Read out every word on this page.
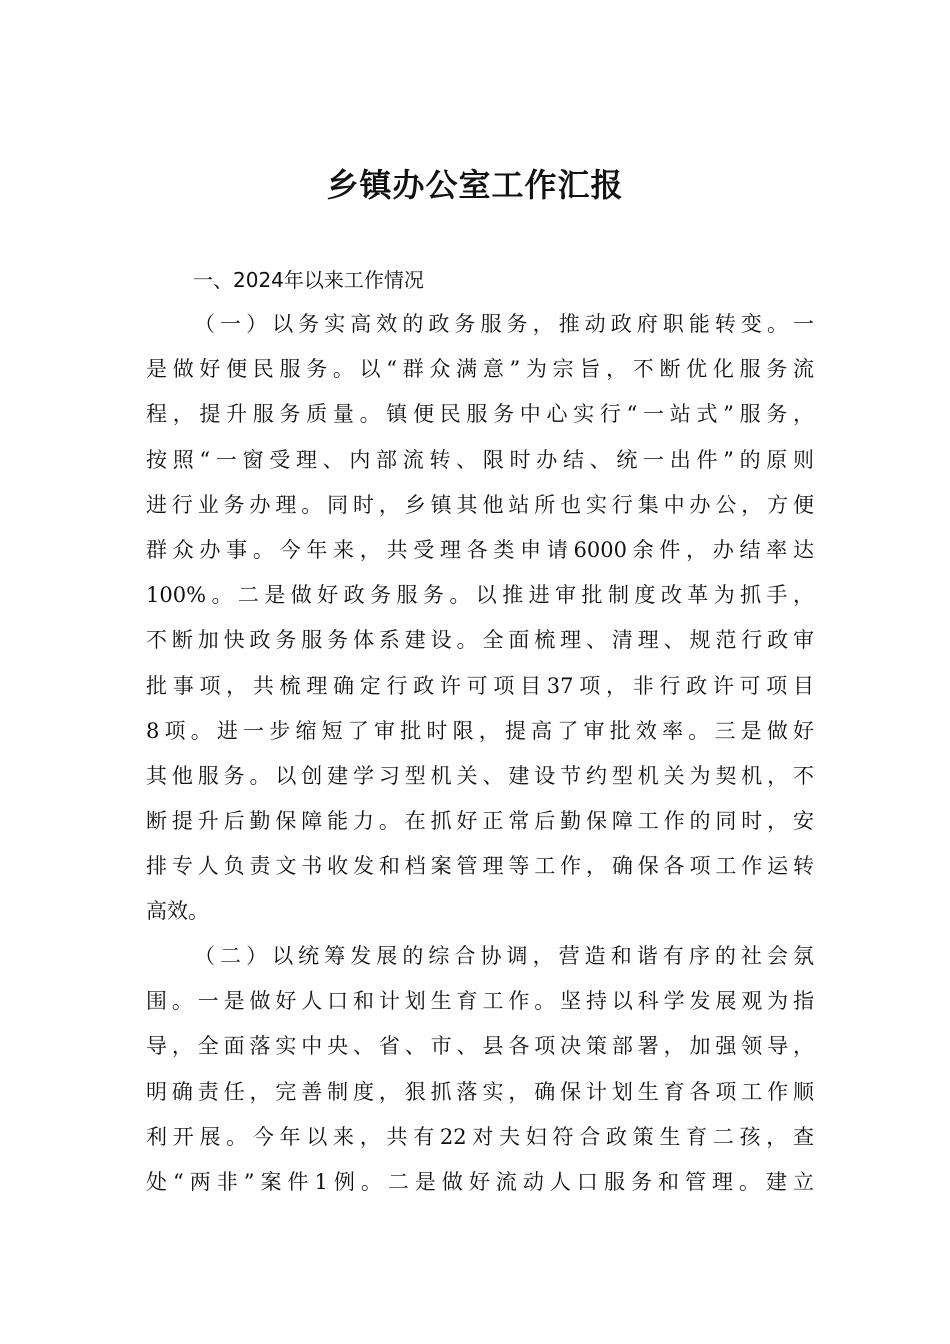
乡镇办公室工作汇报
一、2024年以来工作情况
（一）以务实高效的政务服务，推动政府职能转变。一
是做好便民服务。以“群众满意”为宗旨，不断优化服务流
程，提升服务质量。镇便民服务中心实行“一站式”服务，
按照“一窗受理、内部流转、限时办结、统一出件”的原则
进行业务办理。同时，乡镇其他站所也实行集中办公，方便
群众办事。今年来，共受理各类申请6000余件，办结率达
100%。二是做好政务服务。以推进审批制度改革为抓手，
不断加快政务服务体系建设。全面梳理、清理、规范行政审
批事项，共梳理确定行政许可项目37项，非行政许可项目
8项。进一步缩短了审批时限，提高了审批效率。三是做好
其他服务。以创建学习型机关、建设节约型机关为契机，不
断提升后勤保障能力。在抓好正常后勤保障工作的同时，安
排专人负责文书收发和档案管理等工作，确保各项工作运转
高效。
（二）以统筹发展的综合协调，营造和谐有序的社会氛
围。一是做好人口和计划生育工作。坚持以科学发展观为指
导，全面落实中央、省、市、县各项决策部署，加强领导，
明确责任，完善制度，狠抓落实，确保计划生育各项工作顺
利开展。今年以来，共有22对夫妇符合政策生育二孩，查
处“两非”案件1例。二是做好流动人口服务和管理。建立
